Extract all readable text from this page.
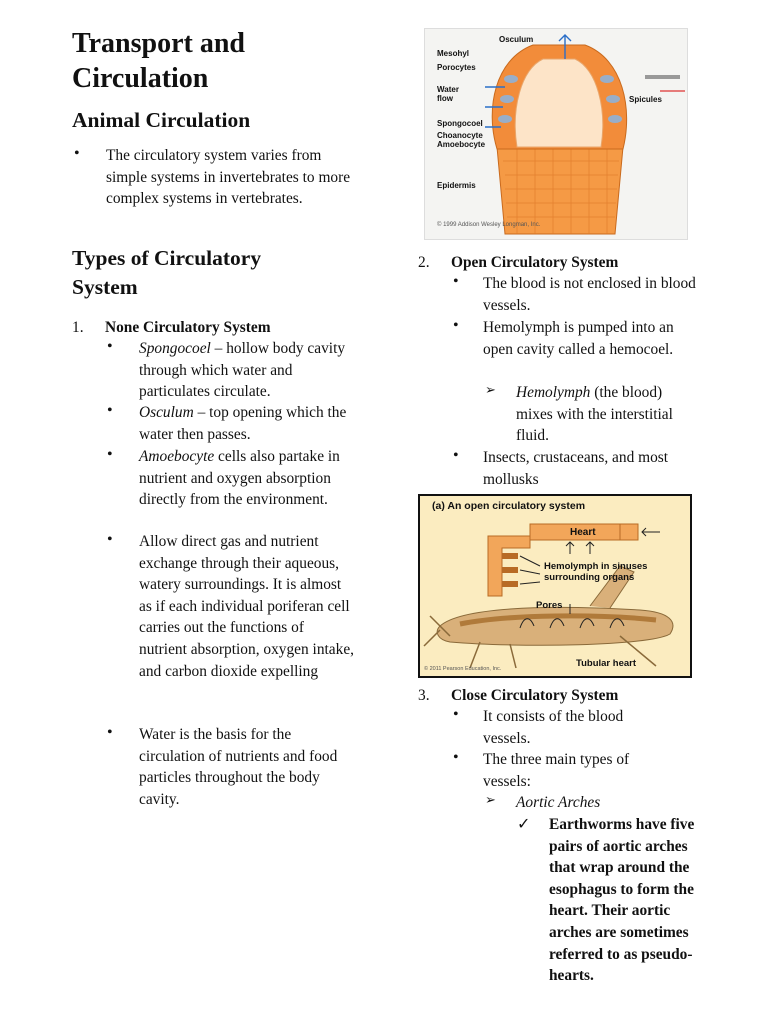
Transport and Circulation
Animal Circulation
• The circulatory system varies from simple systems in invertebrates to more complex systems in vertebrates.

Types of Circulatory System
1. None Circulatory System
• Spongocoel – hollow body cavity through which water and particulates circulate.

• Osculum – top opening which the water then passes.

• Amoebocyte cells also partake in nutrient and oxygen absorption directly from the environment.

• Allow direct gas and nutrient exchange through their aqueous, watery surroundings. It is almost as if each individual poriferan cell carries out the functions of nutrient absorption, oxygen intake, and carbon dioxide expelling

• Water is the basis for the circulation of nutrients and food particles throughout the body cavity.

Osculum
Mesohyl
Porocytes
Water flow
Spongocoel
Choanocyte
Amoebocyte
Epidermis
Spicules
© 1999 Addison Wesley Longman, Inc.
2. Open Circulatory System
• The blood is not enclosed in blood vessels.

• Hemolymph is pumped into an open cavity called a hemocoel.

➢ Hemolymph (the blood) mixes with the interstitial fluid.

• Insects, crustaceans, and most mollusks

(a) An open circulatory system
Heart
Hemolymph in sinuses surrounding organs
Pores
Tubular heart
© 2011 Pearson Education, Inc.
3. Close Circulatory System
• It consists of the blood vessels.

• The three main types of vessels:

➢ Aortic Arches

✓ Earthworms have five pairs of aortic arches that wrap around the esophagus to form the heart. Their aortic arches are sometimes referred to as pseudo-hearts.
